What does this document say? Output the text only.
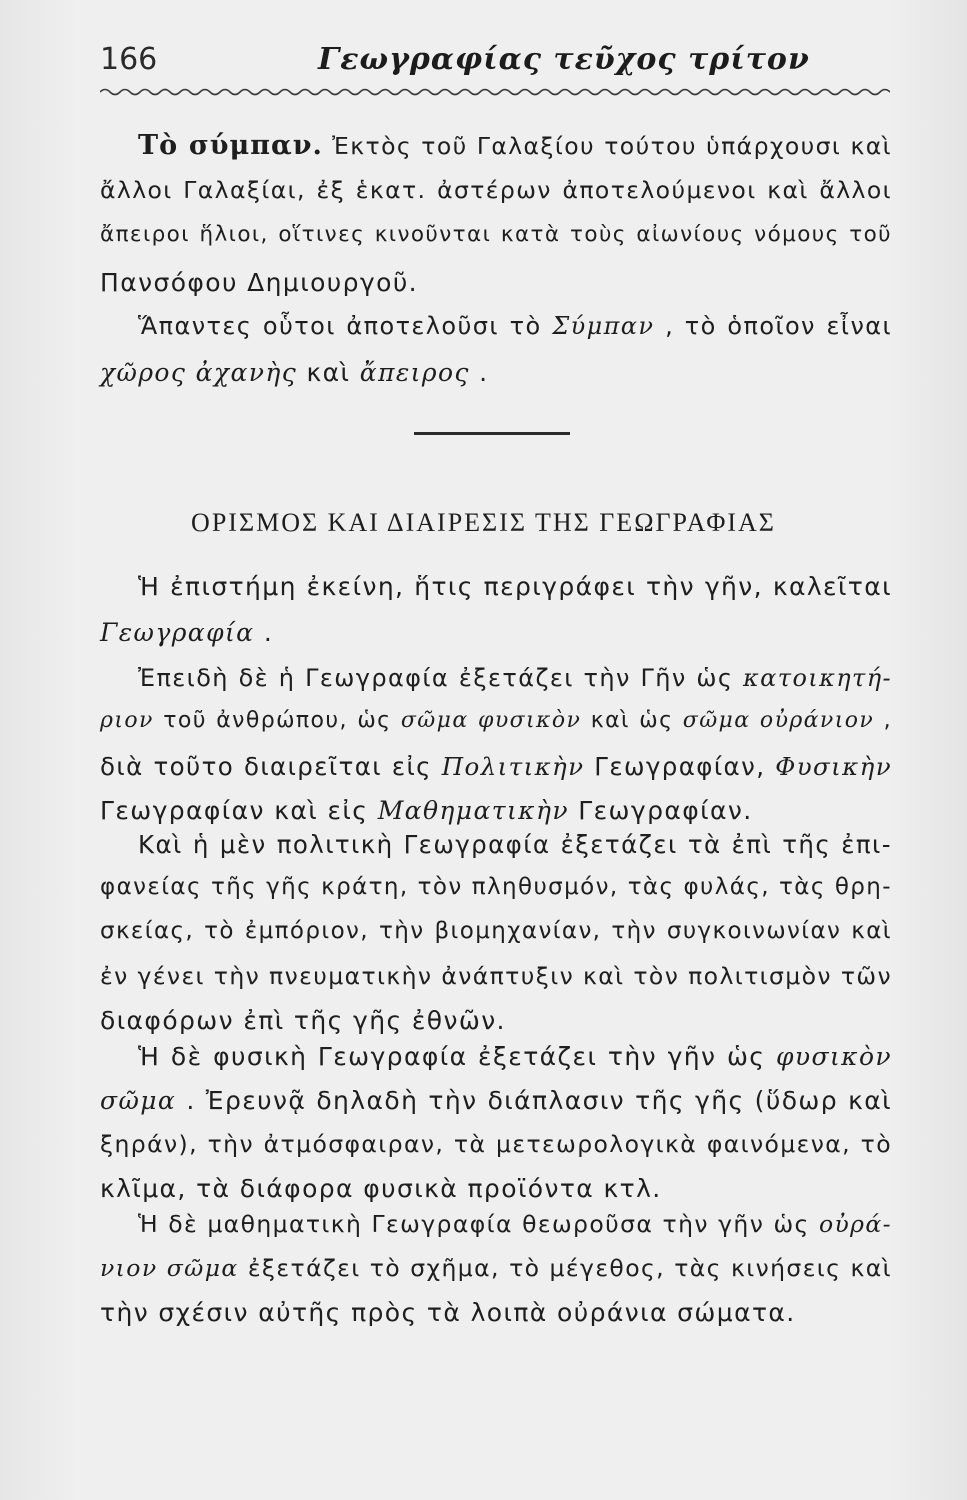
166	Γεωγραφίας τεῦχος τρίτον
Τὸ σύμπαν. Ἐκτὸς τοῦ Γαλαξίου τούτου ὑπάρχουσι καὶ
ἄλλοι Γαλαξίαι, ἐξ ἑκατ. ἀστέρων ἀποτελούμενοι καὶ ἄλλοι
ἄπειροι ἥλιοι, οἵτινες κινοῦνται κατὰ τοὺς αἰωνίους νόμους τοῦ
Πανσόφου Δημιουργοῦ.
Ἅπαντες οὗτοι ἀποτελοῦσι τὸ Σύμπαν , τὸ ὁποῖον εἶναι
χῶρος ἀχανὴς καὶ ἄπειρος .
ΟΡΙΣΜΟΣ ΚΑΙ ΔΙΑΙΡΕΣΙΣ ΤΗΣ ΓΕΩΓΡΑΦΙΑΣ
Ἡ ἐπιστήμη ἐκείνη, ἥτις περιγράφει τὴν γῆν, καλεῖται
Γεωγραφία .
Ἐπειδὴ δὲ ἡ Γεωγραφία ἐξετάζει τὴν Γῆν ὡς κατοικητή-
ριον τοῦ ἀνθρώπου, ὡς σῶμα φυσικὸν καὶ ὡς σῶμα οὐράνιον ,
διὰ τοῦτο διαιρεῖται εἰς Πολιτικὴν Γεωγραφίαν, Φυσικὴν
Γεωγραφίαν καὶ εἰς Μαθηματικὴν Γεωγραφίαν.
Καὶ ἡ μὲν πολιτικὴ Γεωγραφία ἐξετάζει τὰ ἐπὶ τῆς ἐπι-
φανείας τῆς γῆς κράτη, τὸν πληθυσμόν, τὰς φυλάς, τὰς θρη-
σκείας, τὸ ἐμπόριον, τὴν βιομηχανίαν, τὴν συγκοινωνίαν καὶ
ἐν γένει τὴν πνευματικὴν ἀνάπτυξιν καὶ τὸν πολιτισμὸν τῶν
διαφόρων ἐπὶ τῆς γῆς ἐθνῶν.
Ἡ δὲ φυσικὴ Γεωγραφία ἐξετάζει τὴν γῆν ὡς φυσικὸν
σῶμα . Ἐρευνᾷ δηλαδὴ τὴν διάπλασιν τῆς γῆς (ὕδωρ καὶ
ξηράν), τὴν ἀτμόσφαιραν, τὰ μετεωρολογικὰ φαινόμενα, τὸ
κλῖμα, τὰ διάφορα φυσικὰ προϊόντα κτλ.
Ἡ δὲ μαθηματικὴ Γεωγραφία θεωροῦσα τὴν γῆν ὡς οὐρά-
νιον σῶμα ἐξετάζει τὸ σχῆμα, τὸ μέγεθος, τὰς κινήσεις καὶ
τὴν σχέσιν αὐτῆς πρὸς τὰ λοιπὰ οὐράνια σώματα.
